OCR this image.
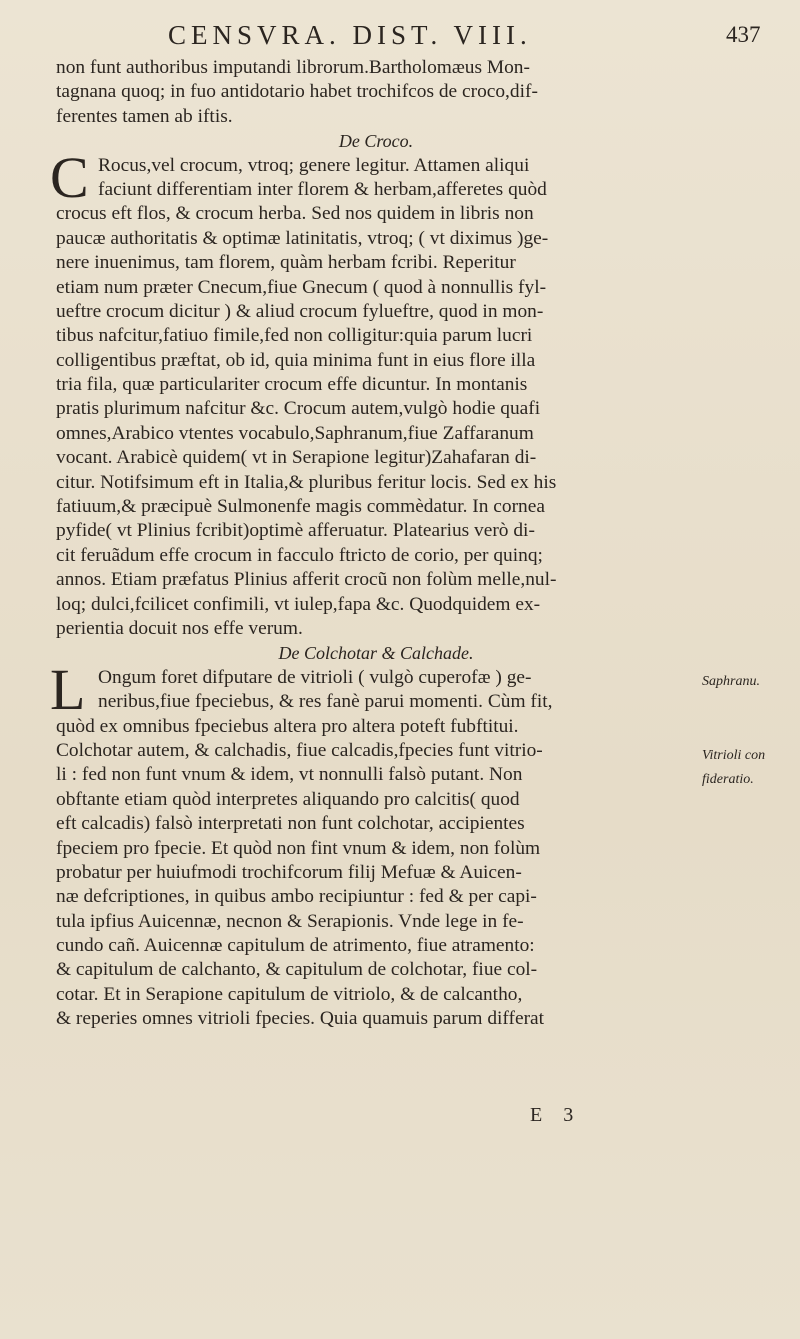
CENSVRA. DIST. VIII.	437
non funt authoribus imputandi librorum.Bartholomæus Mon-
tagnana quoq; in fuo antidotario habet trochifcos de croco,dif-
ferentes tamen ab iftis.
De Croco.
C Rocus,vel crocum, vtroq; genere legitur. Attamen aliqui
faciunt differentiam inter florem & herbam,afferetes quòd
crocus eft flos, & crocum herba. Sed nos quidem in libris non
paucæ authoritatis & optimæ latinitatis, vtroq; ( vt diximus )ge-
nere inuenimus, tam florem, quàm herbam fcribi. Reperitur
etiam num præter Cnecum,fiue Gnecum ( quod à nonnullis fyl-
ueftre crocum dicitur ) & aliud crocum fylueftre, quod in mon-
tibus nafcitur,fatiuo fimile,fed non colligitur:quia parum lucri
colligentibus præftat, ob id, quia minima funt in eius flore illa
tria fila, quæ particulariter crocum effe dicuntur. In montanis
pratis plurimum nafcitur &c. Crocum autem,vulgò hodie quafi
omnes,Arabico vtentes vocabulo,Saphranum,fiue Zaffaranum
vocant. Arabicè quidem( vt in Serapione legitur)Zahafaran di-
citur. Notifsimum eft in Italia,& pluribus feritur locis. Sed ex his
fatiuum,& præcipuè Sulmonenfe magis commèdatur. In cornea
pyfide( vt Plinius fcribit)optimè afferuatur. Platearius verò di-
cit feruãdum effe crocum in facculo ftricto de corio, per quinq;
annos. Etiam præfatus Plinius afferit crocũ non folùm melle,nul-
loq; dulci,fcilicet confimili, vt iulep,fapa &c. Quodquidem ex-
perientia docuit nos effe verum.
De Colchotar & Calchade.
L Ongum foret difputare de vitrioli ( vulgò cuperofæ ) ge-
neribus,fiue fpeciebus, & res fanè parui momenti. Cùm fit,
quòd ex omnibus fpeciebus altera pro altera poteft fubftitui.
Colchotar autem, & calchadis, fiue calcadis,fpecies funt vitrio-
li : fed non funt vnum & idem, vt nonnulli falsò putant. Non
obftante etiam quòd interpretes aliquando pro calcitis( quod
eft calcadis) falsò interpretati non funt colchotar, accipientes
fpeciem pro fpecie. Et quòd non fint vnum & idem, non folùm
probatur per huiufmodi trochifcorum filij Mefuæ & Auicen-
næ defcriptiones, in quibus ambo recipiuntur : fed & per capi-
tula ipfius Auicennæ, necnon & Serapionis. Vnde lege in fe-
cundo cañ. Auicennæ capitulum de atrimento, fiue atramento:
& capitulum de calchanto, & capitulum de colchotar, fiue col-
cotar. Et in Serapione capitulum de vitriolo, & de calcantho,
& reperies omnes vitrioli fpecies. Quia quamuis parum differat
Saphranu.
Vitrioli con
fideratio.
E 3
